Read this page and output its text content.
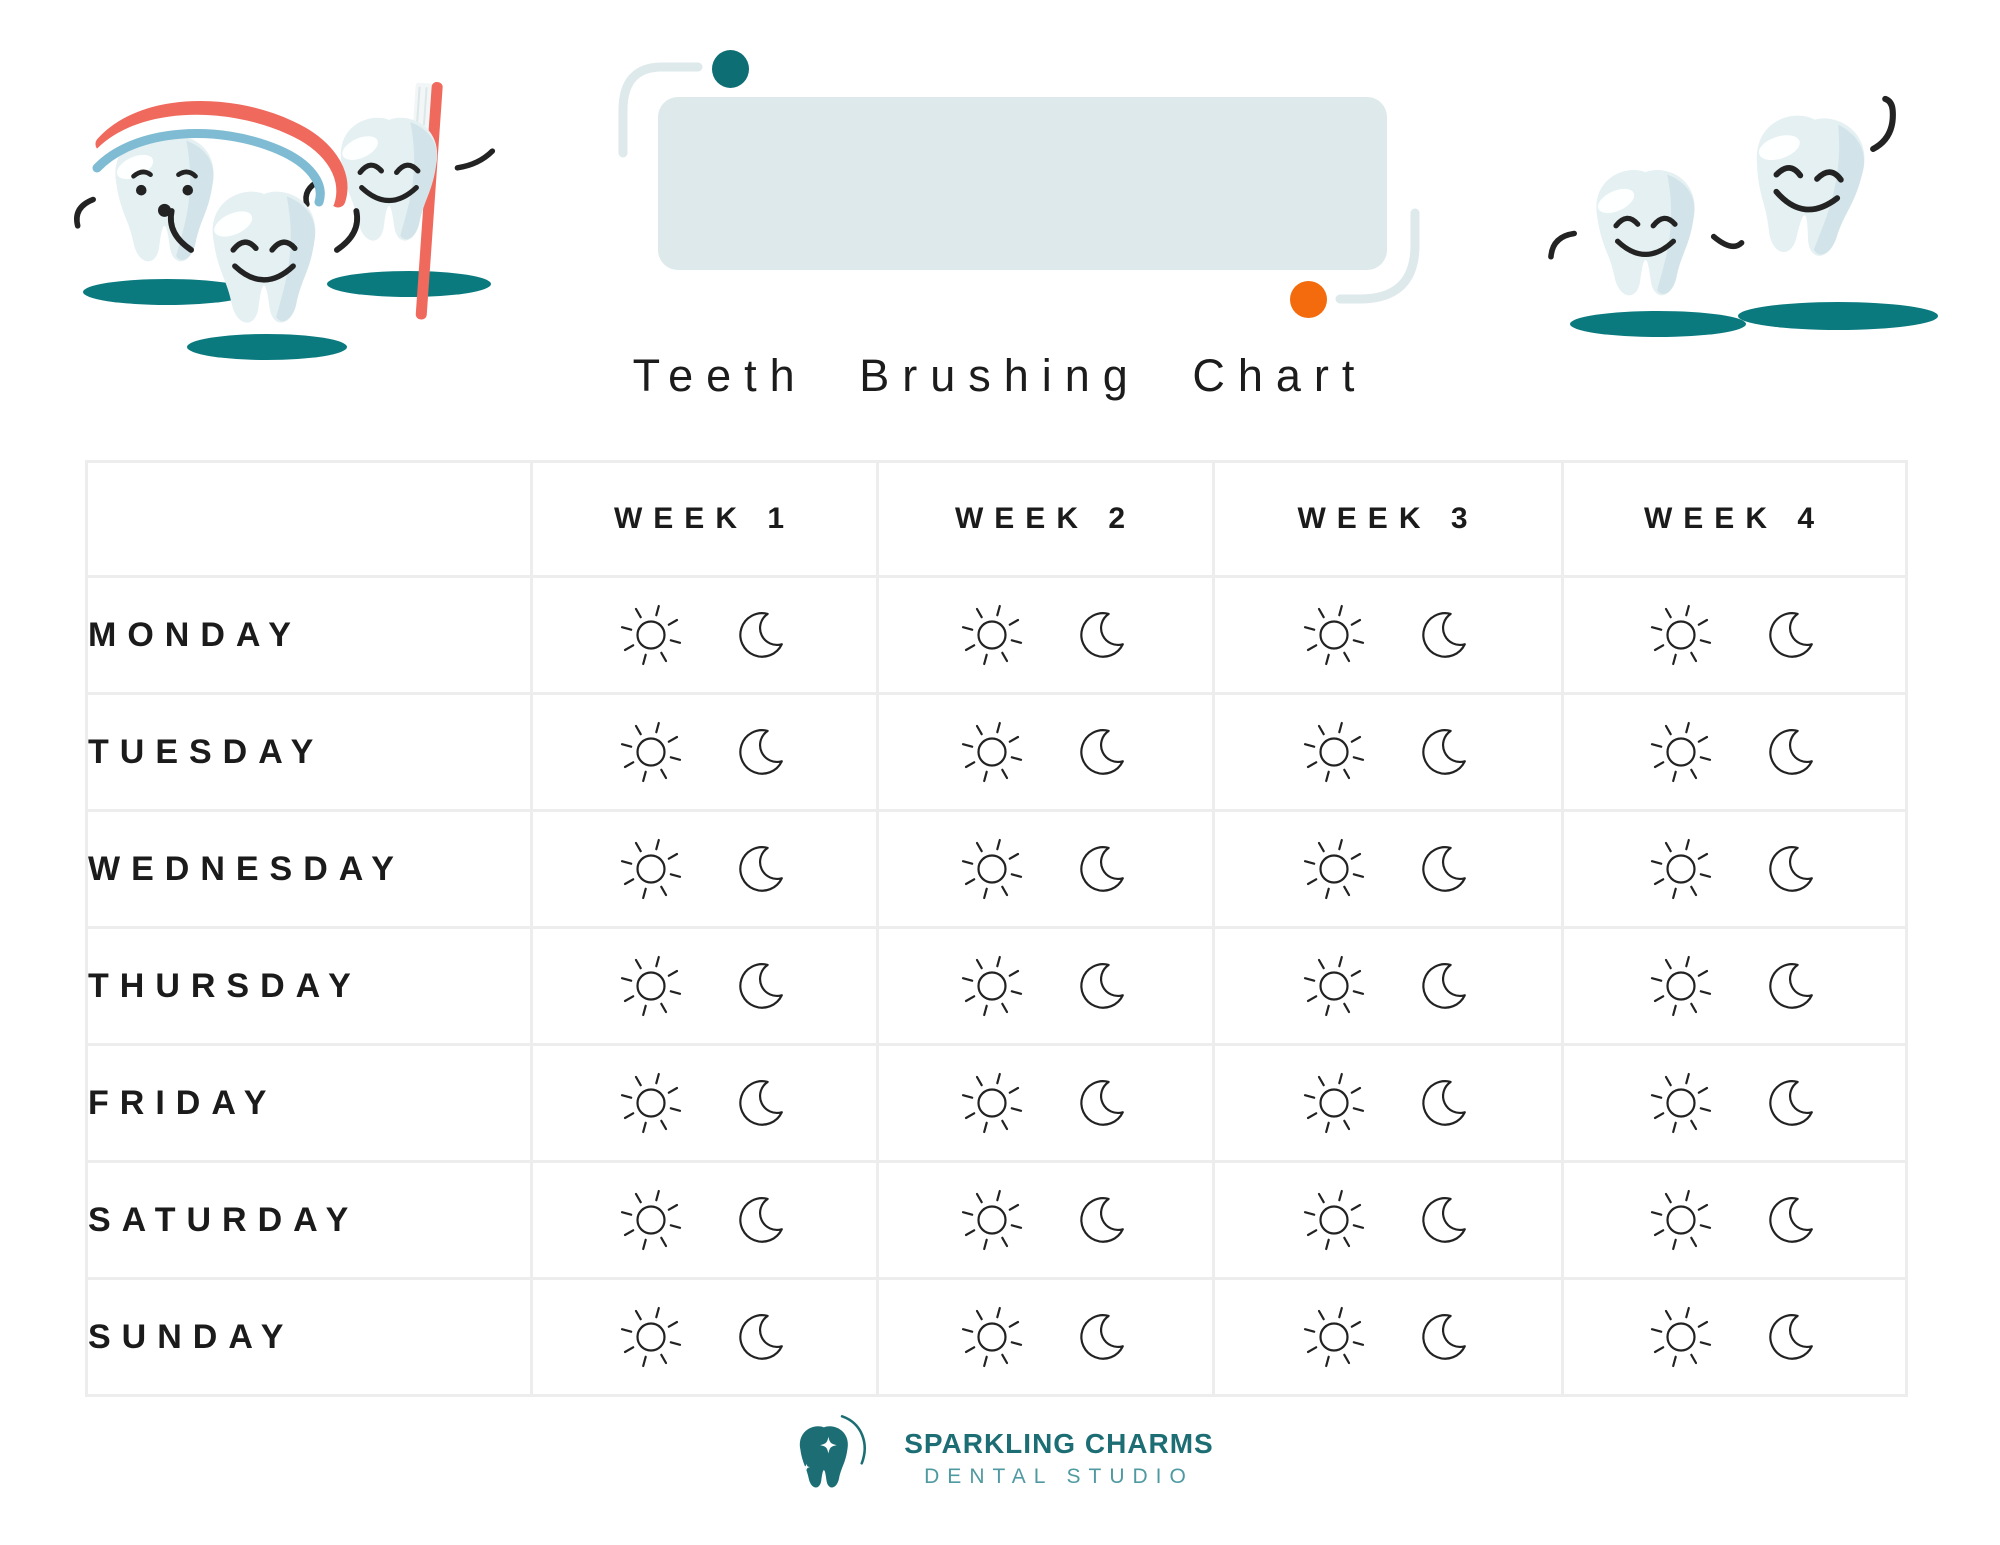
Teeth Brushing Chart
	WEEK 1	WEEK 2	WEEK 3	WEEK 4
MONDAY	

TUESDAY	

WEDNESDAY	

THURSDAY	

FRIDAY	

SATURDAY	

SUNDAY	

SPARKLING CHARMS
DENTAL STUDIO
